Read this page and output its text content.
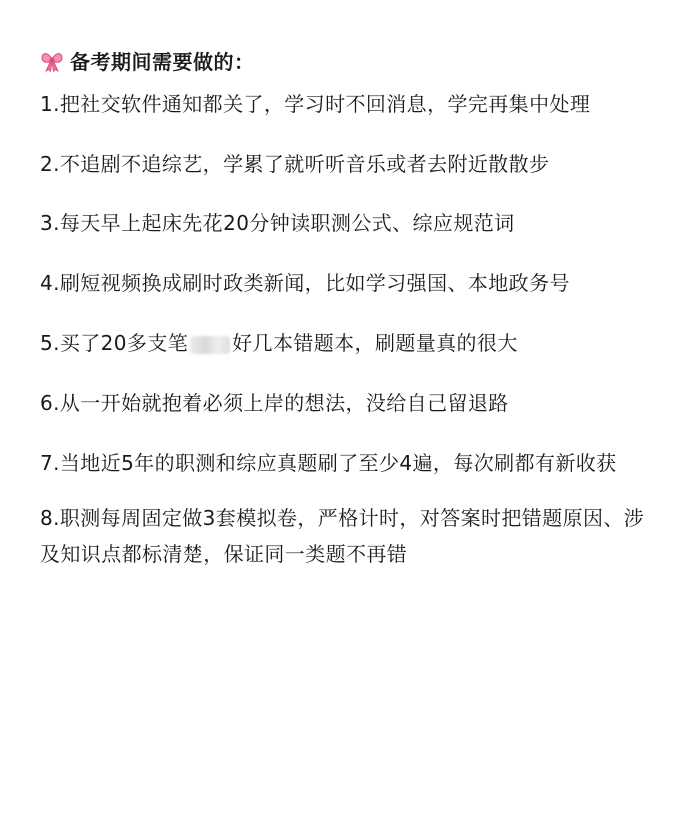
备考期间需要做的：
1.把社交软件通知都关了，学习时不回消息，学完再集中处理
2.不追剧不追综艺，学累了就听听音乐或者去附近散散步
3.每天早上起床先花20分钟读职测公式、综应规范词
4.刷短视频换成刷时政类新闻，比如学习强国、本地政务号
5.买了20多支笔 好几本错题本，刷题量真的很大
6.从一开始就抱着必须上岸的想法，没给自己留退路
7.当地近5年的职测和综应真题刷了至少4遍，每次刷都有新收获
8.职测每周固定做3套模拟卷，严格计时，对答案时把错题原因、涉及知识点都标清楚，保证同一类题不再错
